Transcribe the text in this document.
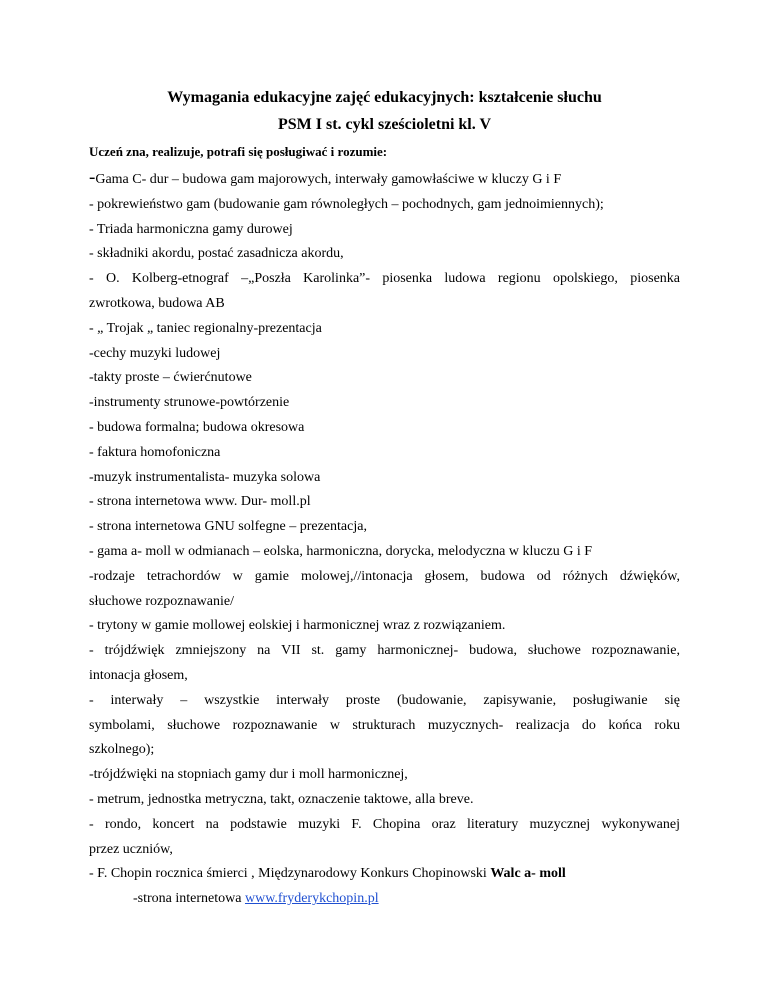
Wymagania edukacyjne zajęć edukacyjnych: kształcenie słuchu

PSM I st. cykl sześcioletni kl. V

Uczeń zna, realizuje, potrafi się posługiwać i rozumie:

-Gama C- dur – budowa gam majorowych, interwały gamowłaściwe w kluczy G i F

- pokrewieństwo gam (budowanie gam równoległych – pochodnych, gam jednoimiennych);

- Triada harmoniczna gamy durowej

- składniki akordu, postać zasadnicza akordu,

- O. Kolberg-etnograf –„Poszła Karolinka”- piosenka ludowa regionu opolskiego, piosenka

zwrotkowa, budowa AB

- „ Trojak „ taniec regionalny-prezentacja

-cechy muzyki ludowej

-takty proste – ćwierćnutowe

-instrumenty strunowe-powtórzenie

- budowa formalna; budowa okresowa

- faktura homofoniczna

-muzyk instrumentalista- muzyka solowa

- strona internetowa www. Dur- moll.pl

- strona internetowa GNU solfegne – prezentacja,

- gama a- moll w odmianach – eolska, harmoniczna, dorycka, melodyczna w kluczu G i F

-rodzaje tetrachordów w gamie molowej,//intonacja głosem, budowa od różnych dźwięków,

słuchowe rozpoznawanie/

- trytony w gamie mollowej eolskiej i harmonicznej wraz z rozwiązaniem.

- trójdźwięk zmniejszony na VII st. gamy harmonicznej- budowa, słuchowe rozpoznawanie,

intonacja głosem,

- interwały – wszystkie interwały proste (budowanie, zapisywanie, posługiwanie się

symbolami, słuchowe rozpoznawanie w strukturach muzycznych- realizacja do końca roku

szkolnego);

-trójdźwięki na stopniach gamy dur i moll harmonicznej,

- metrum, jednostka metryczna, takt, oznaczenie taktowe, alla breve.

- rondo, koncert na podstawie muzyki F. Chopina oraz literatury muzycznej wykonywanej

przez uczniów,

- F. Chopin rocznica śmierci , Międzynarodowy Konkurs Chopinowski Walc a- moll

-strona internetowa www.fryderykchopin.pl
